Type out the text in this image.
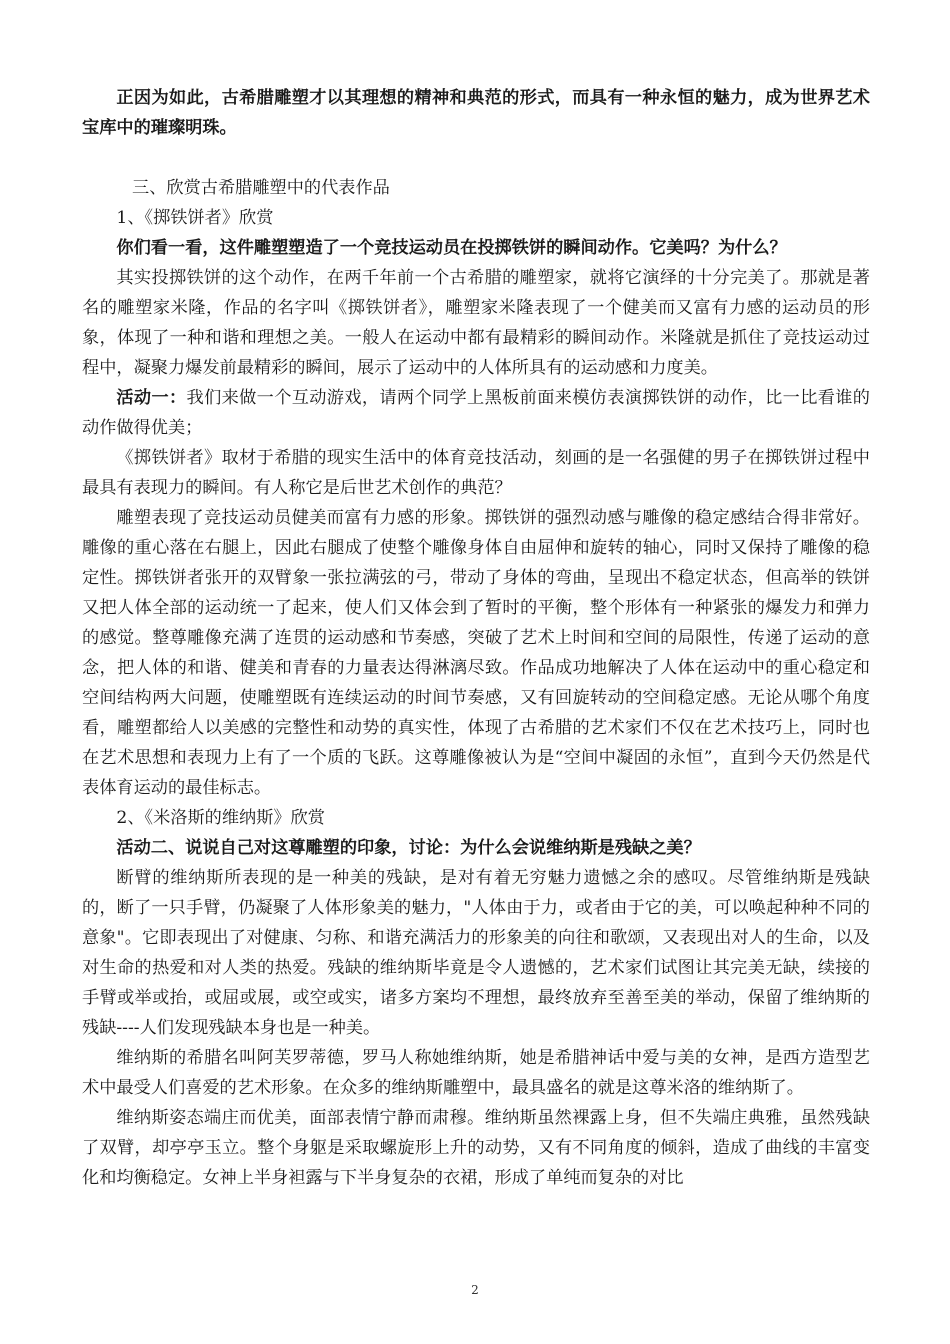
正因为如此，古希腊雕塑才以其理想的精神和典范的形式，而具有一种永恒的魅力，成为世界艺术宝库中的璀璨明珠。

三、欣赏古希腊雕塑中的代表作品

1、《掷铁饼者》欣赏

你们看一看，这件雕塑塑造了一个竞技运动员在投掷铁饼的瞬间动作。它美吗？为什么？

其实投掷铁饼的这个动作，在两千年前一个古希腊的雕塑家，就将它演绎的十分完美了。那就是著名的雕塑家米隆，作品的名字叫《掷铁饼者》，雕塑家米隆表现了一个健美而又富有力感的运动员的形象，体现了一种和谐和理想之美。一般人在运动中都有最精彩的瞬间动作。米隆就是抓住了竞技运动过程中，凝聚力爆发前最精彩的瞬间，展示了运动中的人体所具有的运动感和力度美。

活动一：我们来做一个互动游戏，请两个同学上黑板前面来模仿表演掷铁饼的动作，比一比看谁的动作做得优美；

《掷铁饼者》取材于希腊的现实生活中的体育竞技活动，刻画的是一名强健的男子在掷铁饼过程中最具有表现力的瞬间。有人称它是后世艺术创作的典范？

雕塑表现了竞技运动员健美而富有力感的形象。掷铁饼的强烈动感与雕像的稳定感结合得非常好。雕像的重心落在右腿上，因此右腿成了使整个雕像身体自由屈伸和旋转的轴心，同时又保持了雕像的稳定性。掷铁饼者张开的双臂象一张拉满弦的弓，带动了身体的弯曲，呈现出不稳定状态，但高举的铁饼又把人体全部的运动统一了起来，使人们又体会到了暂时的平衡，整个形体有一种紧张的爆发力和弹力的感觉。整尊雕像充满了连贯的运动感和节奏感，突破了艺术上时间和空间的局限性，传递了运动的意念，把人体的和谐、健美和青春的力量表达得淋漓尽致。作品成功地解决了人体在运动中的重心稳定和空间结构两大问题，使雕塑既有连续运动的时间节奏感，又有回旋转动的空间稳定感。无论从哪个角度看，雕塑都给人以美感的完整性和动势的真实性，体现了古希腊的艺术家们不仅在艺术技巧上，同时也在艺术思想和表现力上有了一个质的飞跃。这尊雕像被认为是“空间中凝固的永恒”，直到今天仍然是代表体育运动的最佳标志。

2、《米洛斯的维纳斯》欣赏

活动二、说说自己对这尊雕塑的印象，讨论：为什么会说维纳斯是残缺之美？

断臂的维纳斯所表现的是一种美的残缺，是对有着无穷魅力遗憾之余的感叹。尽管维纳斯是残缺的，断了一只手臂，仍凝聚了人体形象美的魅力，"人体由于力，或者由于它的美，可以唤起种种不同的意象"。它即表现出了对健康、匀称、和谐充满活力的形象美的向往和歌颂，又表现出对人的生命，以及对生命的热爱和对人类的热爱。残缺的维纳斯毕竟是令人遗憾的，艺术家们试图让其完美无缺，续接的手臂或举或抬，或屈或展，或空或实，诸多方案均不理想，最终放弃至善至美的举动，保留了维纳斯的残缺----人们发现残缺本身也是一种美。

维纳斯的希腊名叫阿芙罗蒂德，罗马人称她维纳斯，她是希腊神话中爱与美的女神，是西方造型艺术中最受人们喜爱的艺术形象。在众多的维纳斯雕塑中，最具盛名的就是这尊米洛的维纳斯了。

维纳斯姿态端庄而优美，面部表情宁静而肃穆。维纳斯虽然裸露上身，但不失端庄典雅，虽然残缺了双臂，却亭亭玉立。整个身躯是采取螺旋形上升的动势，又有不同角度的倾斜，造成了曲线的丰富变化和均衡稳定。女神上半身袒露与下半身复杂的衣裙，形成了单纯而复杂的对比

2
